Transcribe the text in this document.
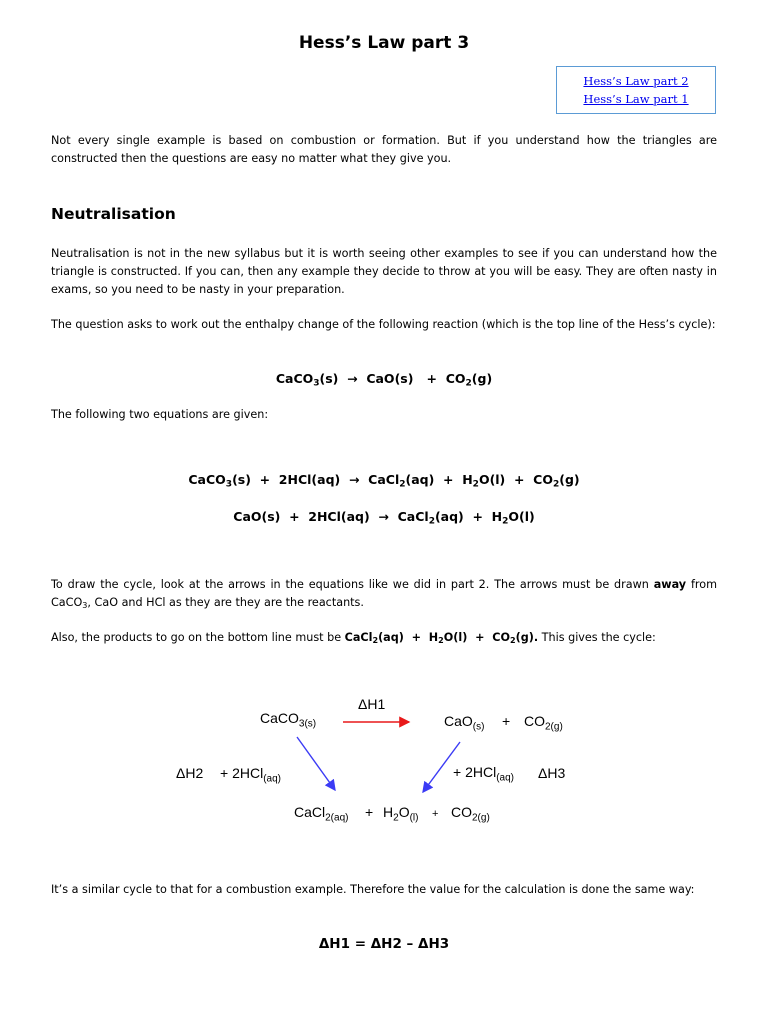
Hess’s Law part 3
Hess’s Law part 2
Hess’s Law part 1
Not every single example is based on combustion or formation. But if you understand how the triangles are constructed then the questions are easy no matter what they give you.
Neutralisation
Neutralisation is not in the new syllabus but it is worth seeing other examples to see if you can understand how the triangle is constructed. If you can, then any example they decide to throw at you will be easy. They are often nasty in exams, so you need to be nasty in your preparation.
The question asks to work out the enthalpy change of the following reaction (which is the top line of the Hess’s cycle):
CaCO$_3$(s) → $CaO(s) + CO_2(g)$
The following two equations are given:
CaCO$_3$(s)  +  2HCl(aq) → CaCl$_2$(aq)  +  $H_2O(l) + CO_2(g)$
CaO(s)  +  2HCl(aq) → CaCl$_2$(aq)  +  $H_2O(l)$
To draw the cycle, look at the arrows in the equations like we did in part 2. The arrows must be drawn away from CaCO$_3$, CaO and HCl as they are they are the reactants.
Also, the products to go on the bottom line must be CaCl$_2$(aq)  +  $H_2O(l) + CO_2(g)$. This gives the cycle:
ΔH1
CaCO$_{3(s)}$	$CaO_{(s)} + CO_{2(g)}$
ΔH2 + 2HCl$_{(aq)}$	+ 2HCl$_{(aq)}$ ΔH3
CaCl$_{2(aq)}$ + $H_2O_{(l)} + CO_{2(g)}$
It’s a similar cycle to that for a combustion example. Therefore the value for the calculation is done the same way:
ΔH1 = ΔH2 – ΔH3
